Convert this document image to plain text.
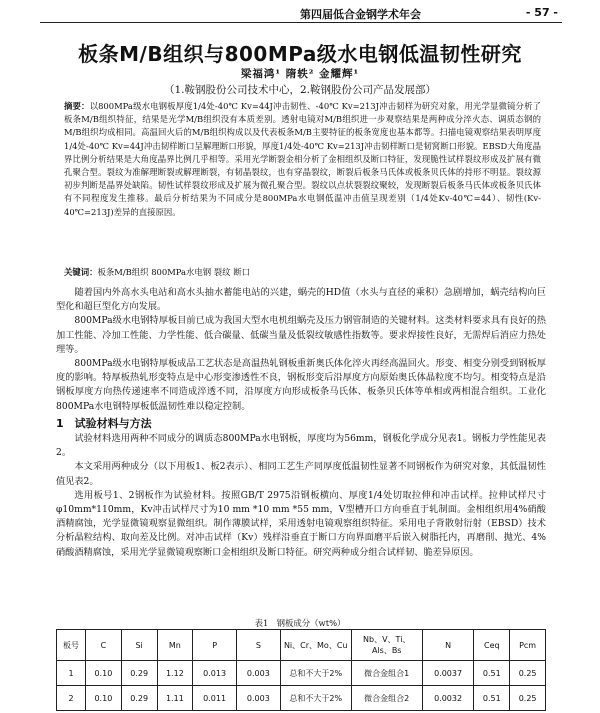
第四届低合金钢学术年会	- 57 -
板条M/B组织与800MPa级水电钢低温韧性研究
梁福鸿¹ 隋轶² 金耀辉¹
（1.鞍钢股份公司技术中心，2.鞍钢股份公司产品发展部）
摘要：以800MPa级水电钢板厚度1/4处-40℃ Kv=44J冲击韧性、-40℃ Kv=213J冲击韧样为研究对象，用光学显微镜分析了板条M/B组织特征，结果是光学M/B组织没有本质差别。透射电镜对M/B组织进一步观察结果是两种成分淬火态、调质态钢的M/B组织均成相同。高温回火后的M/B组织构成以及代表板条M/B主要特征的板条宽度也基本都等。扫描电镜观察结果表明厚度1/4处-40℃ Kv=44J冲击韧样断口呈解理断口形貌，厚度1/4处-40℃ Kv=213J冲击韧样断口是韧窝断口形貌。EBSD大角度晶界比例分析结果是大角度晶界比例几乎相等。采用光学断裂金相分析了金相组织及断口特征，发现脆性试样裂纹形成及扩展有微孔聚合型。裂纹为准解理断裂或解理断裂，有韧晶裂纹，也有穿晶裂纹，断裂后板条马氏体或板条贝氏体的持形不明显。裂纹源初步判断是晶界处缺陷。韧性试样裂纹形成及扩展为微孔聚合型。裂纹以点状裂裂纹聚较，发现断裂后板条马氏体或板条贝氏体有不同程度发生推移。最后分析结果为不同成分是800MPa水电钢低温冲击值呈现差别（1/4处Kv-40℃=44）、韧性(Kv-40℃=213J)差异的直接原因。
关键词：板条M/B组织 800MPa水电钢 裂纹 断口

随着国内外高水头电站和高水头抽水蓄能电站的兴建，蜗壳的HD值（水头与直径的乘积）急剧增加，蜗壳结构向巨型化和超巨型化方向发展。

800MPa级水电钢特厚板目前已成为我国大型水电机组蜗壳及压力钢管制造的关键材料。这类材料要求具有良好的热加工性能、冷加工性能、力学性能、低合碳量、低碳当量及低裂纹敏感性指数等。要求焊接性良好，无需焊后消应力热处理等。

800MPa级水电钢特厚板成品工艺状态是高温热轧钢板重新奥氏体化淬火再经高温回火。形变、相变分别受到钢板厚度的影响。特厚板热轧形变特点是中心形变渗透性不良，钢板形变后沿厚度方向原始奥氏体晶粒度不均匀。相变特点是沿钢板厚度方向热传递速率不同造成淬透不同，沿厚度方向形成板条马氏体、板条贝氏体等单相或两相混合组织。工业化800MPa水电钢特厚板低温韧性难以稳定控制。

1　试验材料与方法

试验材料选用两种不同成分的调质态800MPa水电钢板，厚度均为56mm，钢板化学成分见表1。钢板力学性能见表2。

本文采用两种成分（以下用板1、板2表示）、相同工艺生产同厚度低温韧性显著不同钢板作为研究对象，其低温韧性值见表2。

选用板号1、2钢板作为试验材料。按照GB/T 2975沿钢板横向、厚度1/4处切取拉伸和冲击试样。拉伸试样尺寸φ10mm*110mm，Kv冲击试样尺寸为10 mm *10 mm *55 mm，V型槽开口方向垂直于轧制面。金相组织用4%硝酸酒精腐蚀，光学显微镜观察显微组织。制作薄膜试样，采用透射电镜观察组织特征。采用电子背散射衍射（EBSD）技术分析晶粒结构、取向差及比例。对冲击试样（Kv）残样沿垂直于断口方向界面磨平后嵌入树脂托内，再磨削、抛光、4%硝酸酒精腐蚀，采用光学显微镜观察断口金相组织及断口特征。研究两种成分组合试样韧、脆差异原因。

表1　钢板成分（wt%）
板号	C	Si	Mn	P	S	Ni、Cr、Mo、Cu	Nb、V、Ti、Als、Bs	N	Ceq	Pcm
1	0.10	0.29	1.12	0.013	0.003	总和不大于2%	微合金组合1	0.0037	0.51	0.25
2	0.10	0.29	1.11	0.011	0.003	总和不大于2%	微合金组合2	0.0032	0.51	0.25
